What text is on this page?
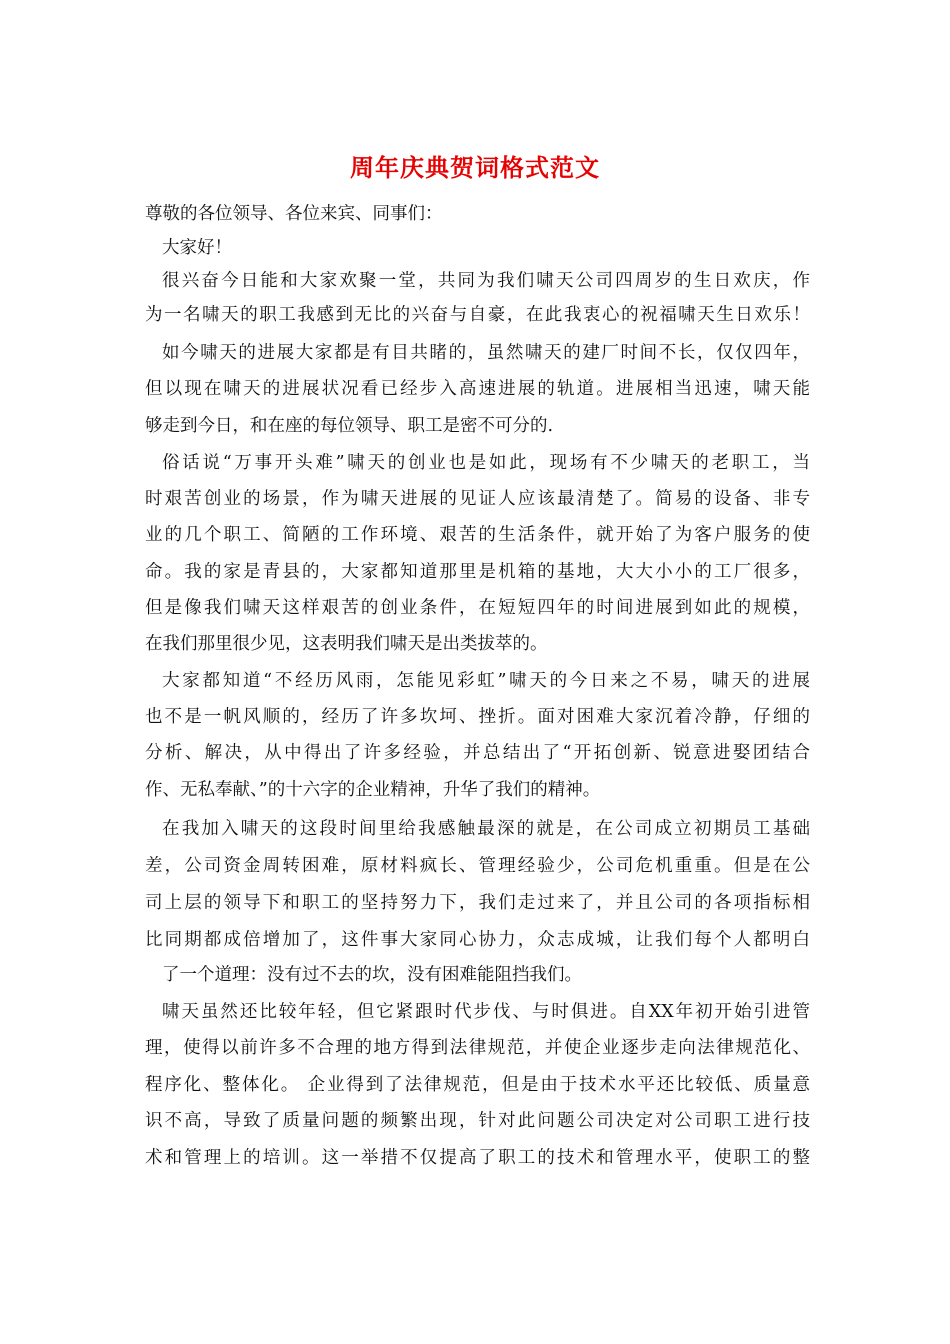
周年庆典贺词格式范文

尊敬的各位领导、各位来宾、同事们：

大家好！

很兴奋今日能和大家欢聚一堂，共同为我们啸天公司四周岁的生日欢庆，作

为一名啸天的职工我感到无比的兴奋与自豪，在此我衷心的祝福啸天生日欢乐！

如今啸天的进展大家都是有目共睹的，虽然啸天的建厂时间不长，仅仅四年，

但以现在啸天的进展状况看已经步入高速进展的轨道。进展相当迅速，啸天能

够走到今日，和在座的每位领导、职工是密不可分的.

俗话说“万事开头难”啸天的创业也是如此，现场有不少啸天的老职工，当

时艰苦创业的场景，作为啸天进展的见证人应该最清楚了。简易的设备、非专

业的几个职工、简陋的工作环境、艰苦的生活条件，就开始了为客户服务的使

命。我的家是青县的，大家都知道那里是机箱的基地，大大小小的工厂很多，

但是像我们啸天这样艰苦的创业条件，在短短四年的时间进展到如此的规模，

在我们那里很少见，这表明我们啸天是出类拔萃的。

大家都知道“不经历风雨，怎能见彩虹”啸天的今日来之不易，啸天的进展

也不是一帆风顺的，经历了许多坎坷、挫折。面对困难大家沉着冷静，仔细的

分析、解决，从中得出了许多经验，并总结出了“开拓创新、锐意进娶团结合

作、无私奉献、”的十六字的企业精神，升华了我们的精神。

在我加入啸天的这段时间里给我感触最深的就是，在公司成立初期员工基础

差，公司资金周转困难，原材料疯长、管理经验少，公司危机重重。但是在公

司上层的领导下和职工的坚持努力下，我们走过来了，并且公司的各项指标相

比同期都成倍增加了，这件事大家同心协力，众志成城，让我们每个人都明白

了一个道理：没有过不去的坎，没有困难能阻挡我们。

啸天虽然还比较年轻，但它紧跟时代步伐、与时俱进。自XX年初开始引进管

理，使得以前许多不合理的地方得到法律规范，并使企业逐步走向法律规范化、

程序化、整体化。 企业得到了法律规范，但是由于技术水平还比较低、质量意

识不高，导致了质量问题的频繁出现，针对此问题公司决定对公司职工进行技

术和管理上的培训。这一举措不仅提高了职工的技术和管理水平，使职工的整
